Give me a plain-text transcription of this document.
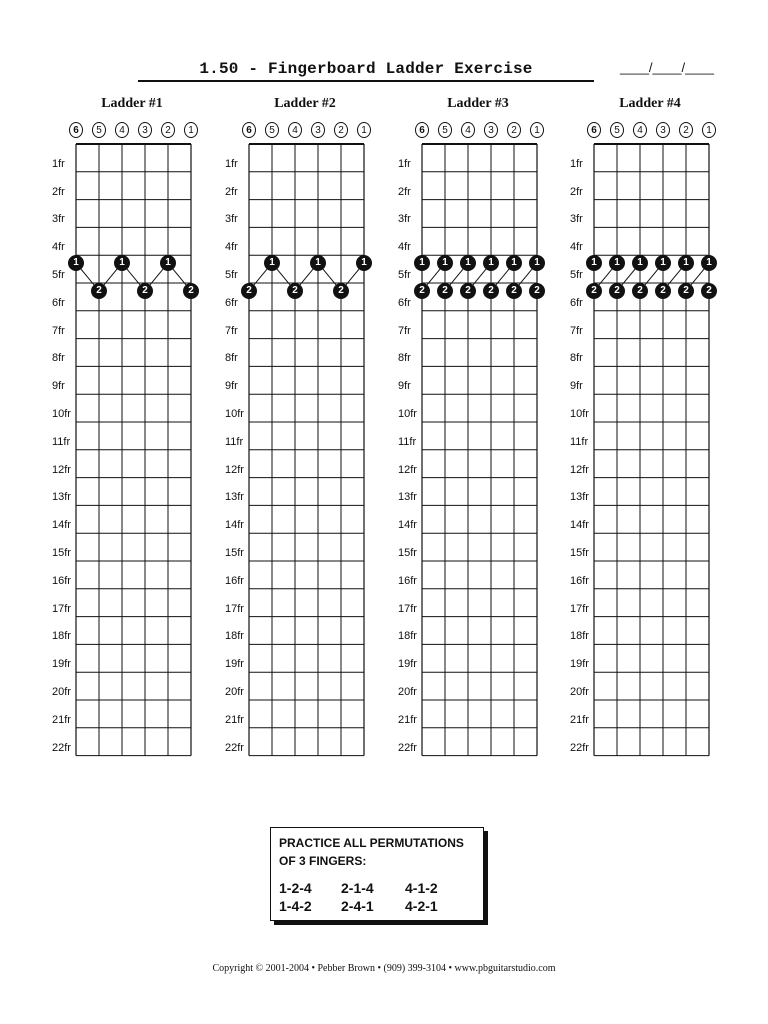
1.50 - Fingerboard Ladder Exercise	____/____/____
Ladder #1
6	5	4	3	2	1
1fr
2fr
3fr
4fr
5fr
6fr
7fr
8fr
9fr
10fr
11fr
12fr
13fr
14fr
15fr
16fr
17fr
18fr
19fr
20fr
21fr
22fr
1
2
1
2
1
2
Ladder #2
6	5	4	3	2	1
1fr
2fr
3fr
4fr
5fr
6fr
7fr
8fr
9fr
10fr
11fr
12fr
13fr
14fr
15fr
16fr
17fr
18fr
19fr
20fr
21fr
22fr
2
1
2
1
2
1
Ladder #3
6	5	4	3	2	1
1fr
2fr
3fr
4fr
5fr
6fr
7fr
8fr
9fr
10fr
11fr
12fr
13fr
14fr
15fr
16fr
17fr
18fr
19fr
20fr
21fr
22fr
1
2
1
2
1
2
1
2
1
2
1
2
Ladder #4
6	5	4	3	2	1
1fr
2fr
3fr
4fr
5fr
6fr
7fr
8fr
9fr
10fr
11fr
12fr
13fr
14fr
15fr
16fr
17fr
18fr
19fr
20fr
21fr
22fr
1
2
1
2
1
2
1
2
1
2
1
2
PRACTICE ALL PERMUTATIONS
OF 3 FINGERS:
1-2-4 2-1-4 4-1-2
1-4-2 2-4-1 4-2-1
Copyright © 2001-2004 • Pebber Brown • (909) 399-3104 • www.pbguitarstudio.com
